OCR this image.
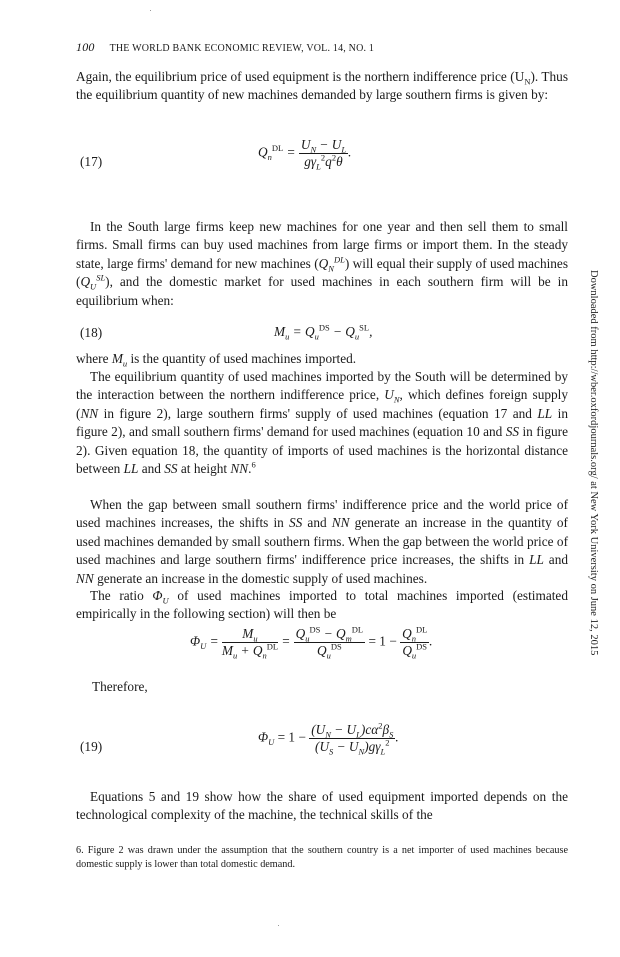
100 THE WORLD BANK ECONOMIC REVIEW, VOL. 14, NO. 1
Again, the equilibrium price of used equipment is the northern indifference price $(U_N)$. Thus the equilibrium quantity of new machines demanded by large southern firms is given by:
(17)
$Q_n^{DL} = \frac{U_N - U_L}{g\gamma_L^2q^2\theta}$ .
In the South large firms keep new machines for one year and then sell them to small firms. Small firms can buy used machines from large firms or import them. In the steady state, large firms' demand for new machines $(Q_N^{DL})$ will equal their supply of used machines $(Q_U^{SL})$, and the domestic market for used machines in each southern firm will be in equilibrium when:
(18)	$M_u = Q_u^{DS} - Q_u^{SL}$,
where $M_u$ is the quantity of used machines imported.
The equilibrium quantity of used machines imported by the South will be determined by the interaction between the northern indifference price, $U_N$, which defines foreign supply (NN in figure 2), large southern firms' supply of used machines (equation 17 and LL in figure 2), and small southern firms' demand for used machines (equation 10 and SS in figure 2). Given equation 18, the quantity of imports of used machines is the horizontal distance between LL and SS at height NN.$^6$
When the gap between small southern firms' indifference price and the world price of used machines increases, the shifts in SS and NN generate an increase in the quantity of used machines demanded by small southern firms. When the gap between the world price of used machines and large southern firms' indifference price increases, the shifts in LL and NN generate an increase in the domestic supply of used machines.
The ratio $\Phi_U$ of used machines imported to total machines imported (estimated empirically in the following section) will then be
$\Phi_U = \frac{M_u}{M_u + Q_n^{DL}} = \frac{Q_u^{DS} - Q_m^{DL}}{Q_u^{DS}} = 1 - \frac{Q_n^{DL}}{Q_u^{DS}}$ .
Therefore,
(19)
$\Phi_U = 1 - \frac{(U_N - U_L)c\alpha^2\beta_S}{(U_S - U_N)g\gamma_L^2}$ .
Equations 5 and 19 show how the share of used equipment imported depends on the technological complexity of the machine, the technical skills of the
6. Figure 2 was drawn under the assumption that the southern country is a net importer of used machines because domestic supply is lower than total domestic demand.
Downloaded from http://wber.oxfordjournals.org/ at New York University on June 12, 2015
